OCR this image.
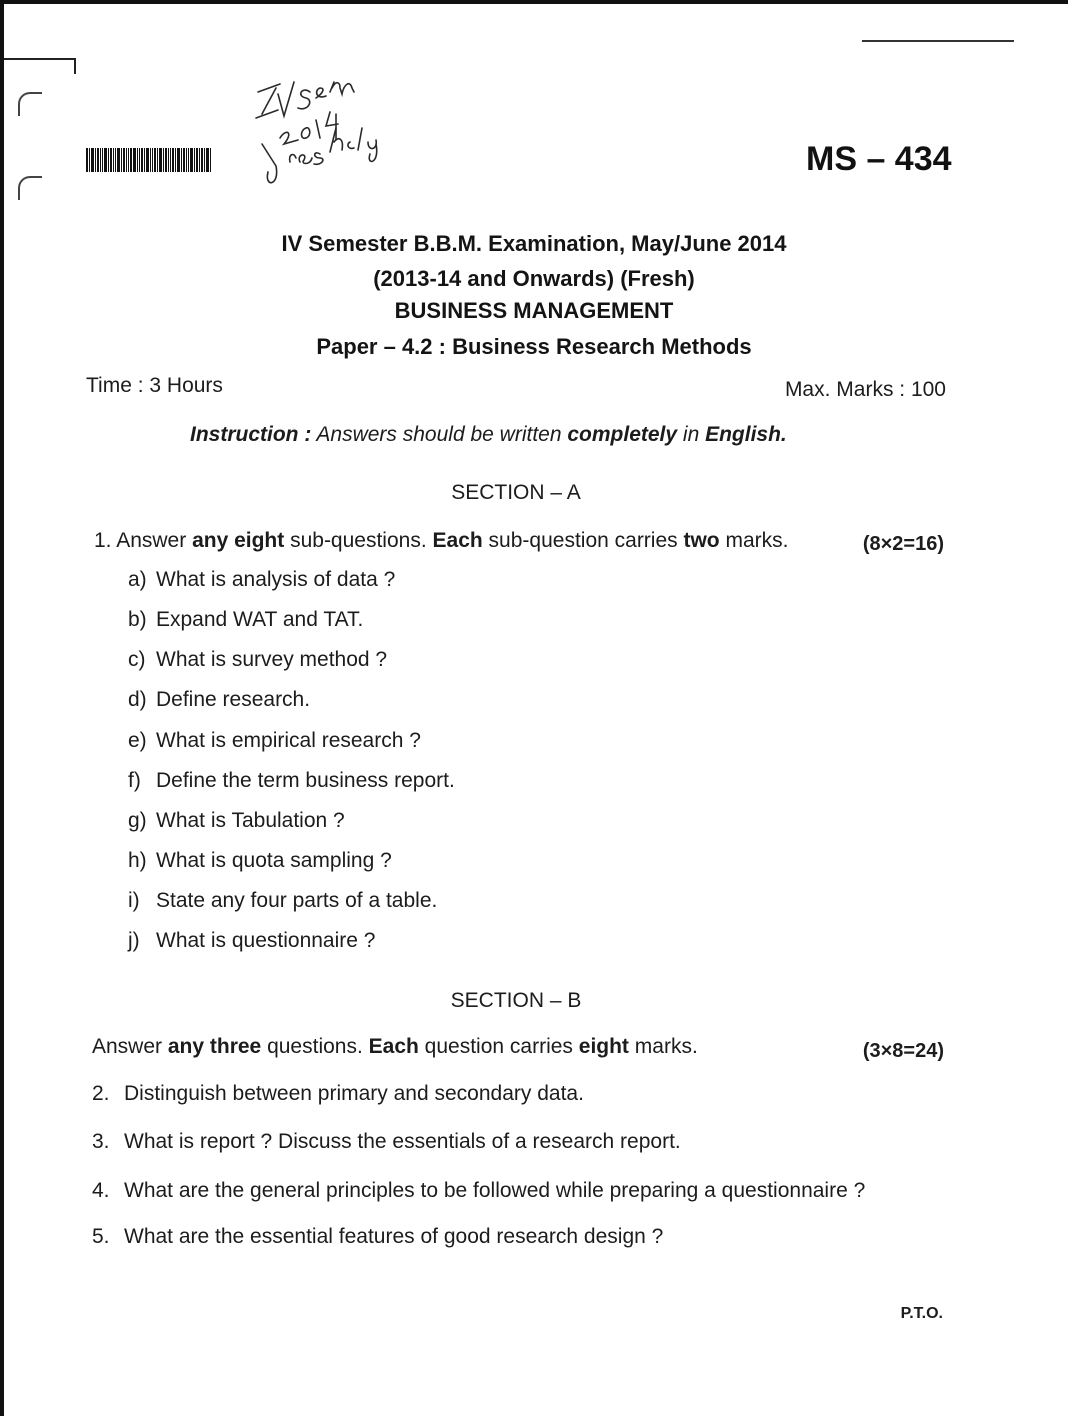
MS – 434
IV Semester B.B.M. Examination, May/June 2014
(2013-14 and Onwards) (Fresh)
BUSINESS MANAGEMENT
Paper – 4.2 : Business Research Methods
Time : 3 Hours	Max. Marks : 100
Instruction : Answers should be written completely in English.
SECTION – A
1. Answer any eight sub-questions. Each sub-question carries two marks.	(8×2=16)
a) What is analysis of data ?
b) Expand WAT and TAT.
c) What is survey method ?
d) Define research.
e) What is empirical research ?
f) Define the term business report.
g) What is Tabulation ?
h) What is quota sampling ?
i) State any four parts of a table.
j) What is questionnaire ?
SECTION – B
Answer any three questions. Each question carries eight marks.	(3×8=24)
2. Distinguish between primary and secondary data.
3. What is report ? Discuss the essentials of a research report.
4. What are the general principles to be followed while preparing a questionnaire ?
5. What are the essential features of good research design ?
P.T.O.
